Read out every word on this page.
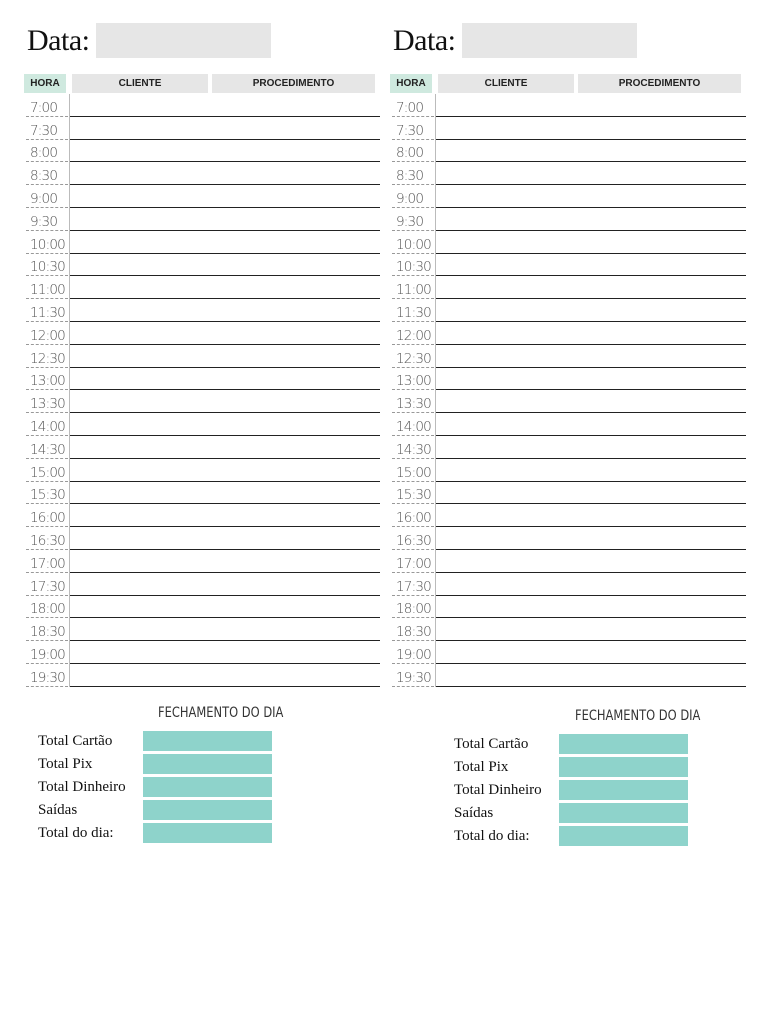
Data:
HORA	CLIENTE	PROCEDIMENTO
7:00
7:30
8:00
8:30
9:00
9:30
10:00
10:30
11:00
11:30
12:00
12:30
13:00
13:30
14:00
14:30
15:00
15:30
16:00
16:30
17:00
17:30
18:00
18:30
19:00
19:30
FECHAMENTO DO DIA
Total Cartão
Total Pix
Total Dinheiro
Saídas
Total do dia:
Data:
HORA	CLIENTE	PROCEDIMENTO
7:00
7:30
8:00
8:30
9:00
9:30
10:00
10:30
11:00
11:30
12:00
12:30
13:00
13:30
14:00
14:30
15:00
15:30
16:00
16:30
17:00
17:30
18:00
18:30
19:00
19:30
FECHAMENTO DO DIA
Total Cartão
Total Pix
Total Dinheiro
Saídas
Total do dia:
